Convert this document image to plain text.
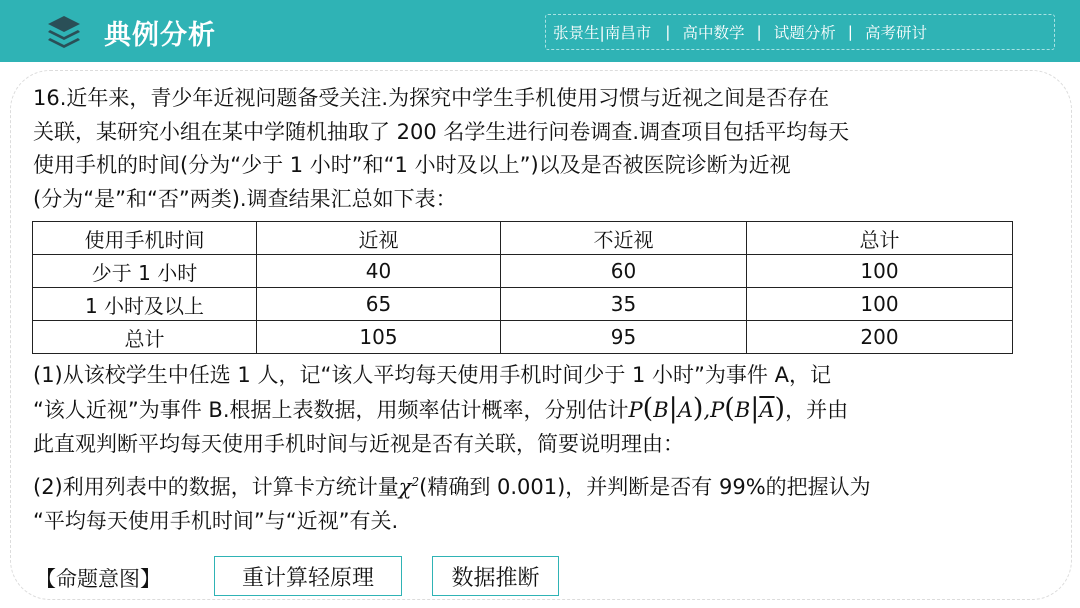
典例分析	张景生| 南昌市 | 高中数学 | 试题分析 | 高考研讨

16.近年来，青少年近视问题备受关注.为探究中学生手机使用习惯与近视之间是否存在

关联，某研究小组在某中学随机抽取了 200 名学生进行问卷调查.调查项目包括平均每天

使用手机的时间(分为“少于 1 小时”和“1 小时及以上”)以及是否被医院诊断为近视

(分为“是”和“否”两类).调查结果汇总如下表：

使用手机时间	近视	不近视	总计
少于 1 小时	40	60	100
1 小时及以上	65	35	100
总计	105	95	200

(1)从该校学生中任选 1 人，记“该人平均每天使用手机时间少于 1 小时”为事件 A，记

“该人近视”为事件 B.根据上表数据，用频率估计概率，分别估计$P(B|A),P(B|\overline{A})$，并由

此直观判断平均每天使用手机时间与近视是否有关联，简要说明理由：

(2)利用列表中的数据，计算卡方统计量$\chi^2$(精确到 0.001)，并判断是否有 99%的把握认为

“平均每天使用手机时间”与“近视”有关.

【命题意图】	重计算轻原理	数据推断
